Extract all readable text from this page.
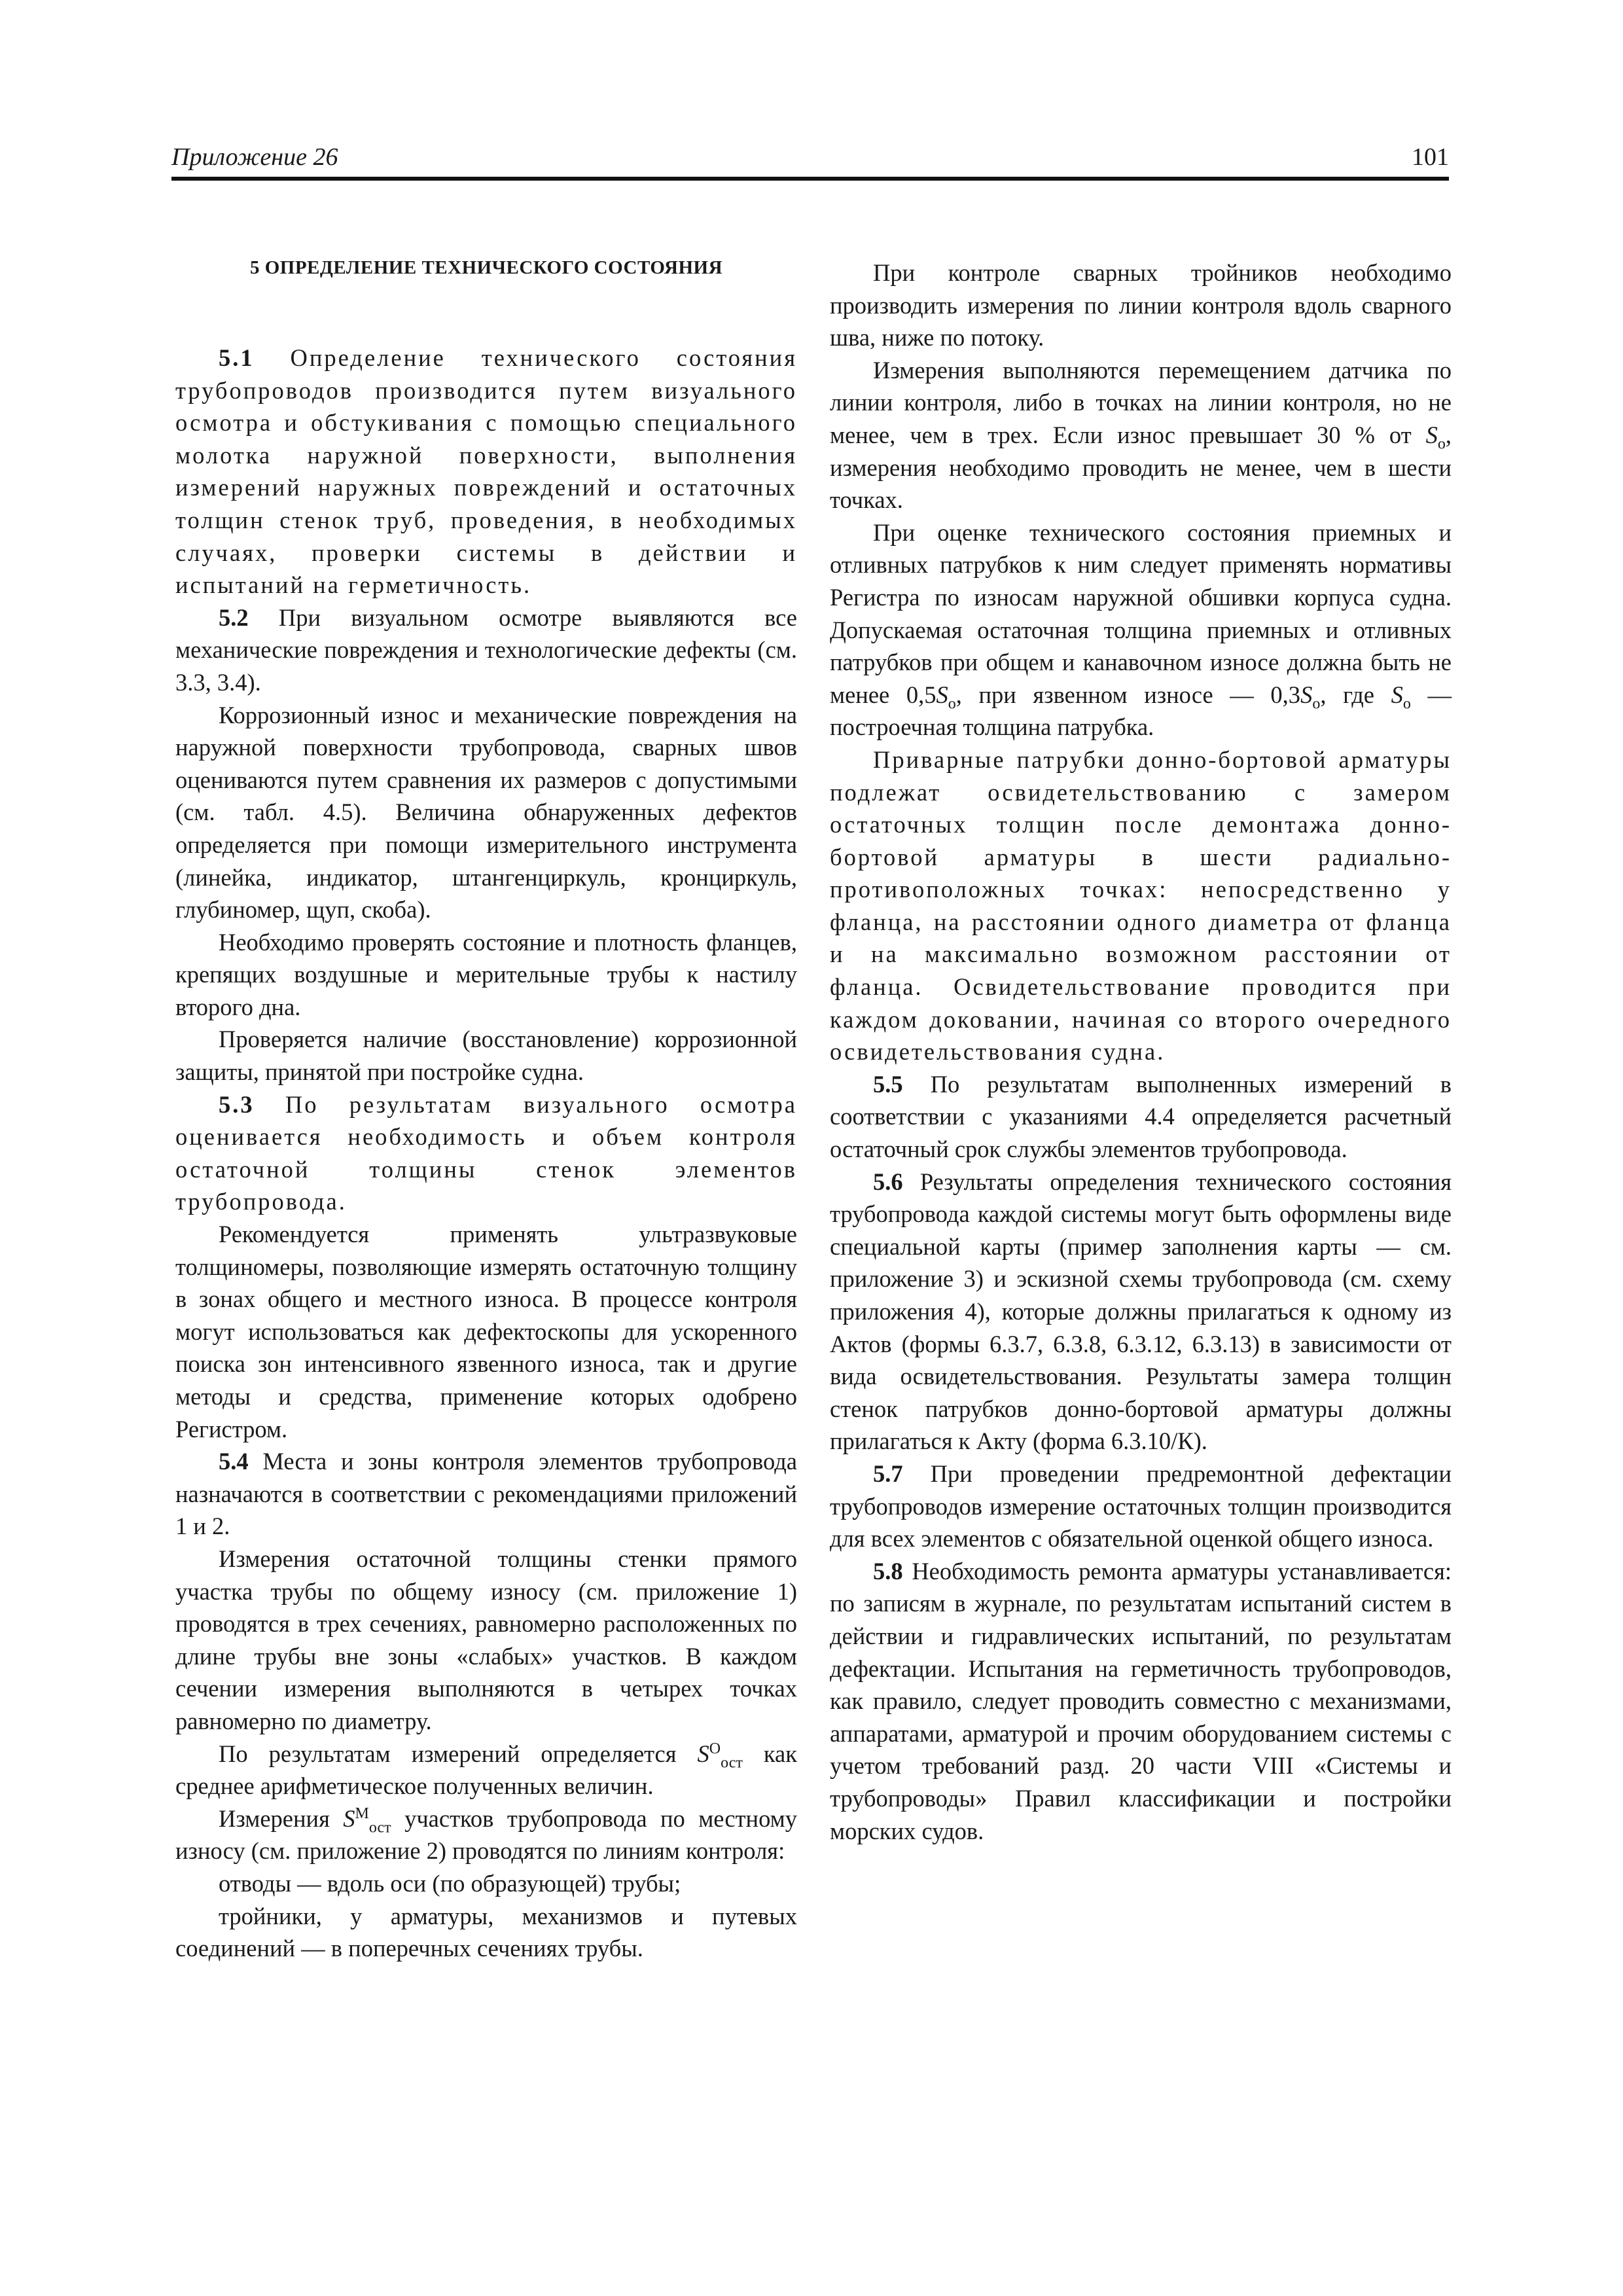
Приложение 26	101
5 ОПРЕДЕЛЕНИЕ ТЕХНИЧЕСКОГО СОСТОЯНИЯ

5.1 Определение технического состояния трубопроводов производится путем визуального осмотра и обстукивания с помощью специального молотка наружной поверхности, выполнения измерений наружных повреждений и остаточных толщин стенок труб, проведения, в необходимых случаях, проверки системы в действии и испытаний на герметичность.

5.2 При визуальном осмотре выявляются все механические повреждения и технологические дефекты (см. 3.3, 3.4).

Коррозионный износ и механические повреждения на наружной поверхности трубопровода, сварных швов оцениваются путем сравнения их размеров с допустимыми (см. табл. 4.5). Величина обнаруженных дефектов определяется при помощи измерительного инструмента (линейка, индикатор, штангенциркуль, кронциркуль, глубиномер, щуп, скоба).

Необходимо проверять состояние и плотность фланцев, крепящих воздушные и мерительные трубы к настилу второго дна.

Проверяется наличие (восстановление) коррозионной защиты, принятой при постройке судна.

5.3 По результатам визуального осмотра оценивается необходимость и объем контроля остаточной толщины стенок элементов трубопровода.

Рекомендуется применять ультразвуковые толщиномеры, позволяющие измерять остаточную толщину в зонах общего и местного износа. В процессе контроля могут использоваться как дефектоскопы для ускоренного поиска зон интенсивного язвенного износа, так и другие методы и средства, применение которых одобрено Регистром.

5.4 Места и зоны контроля элементов трубопровода назначаются в соответствии с рекомендациями приложений 1 и 2.

Измерения остаточной толщины стенки прямого участка трубы по общему износу (см. приложение 1) проводятся в трех сечениях, равномерно расположенных по длине трубы вне зоны «слабых» участков. В каждом сечении измерения выполняются в четырех точках равномерно по диаметру.

По результатам измерений определяется $S^О_{ост}$ как среднее арифметическое полученных величин.

Измерения $S^М_{ост}$ участков трубопровода по местному износу (см. приложение 2) проводятся по линиям контроля:

отводы — вдоль оси (по образующей) трубы;

тройники, у арматуры, механизмов и путевых соединений — в поперечных сечениях трубы.

При контроле сварных тройников необходимо производить измерения по линии контроля вдоль сварного шва, ниже по потоку.

Измерения выполняются перемещением датчика по линии контроля, либо в точках на линии контроля, но не менее, чем в трех. Если износ превышает 30 % от $S_о$, измерения необходимо проводить не менее, чем в шести точках.

При оценке технического состояния приемных и отливных патрубков к ним следует применять нормативы Регистра по износам наружной обшивки корпуса судна. Допускаемая остаточная толщина приемных и отливных патрубков при общем и канавочном износе должна быть не менее $0,5S_о$, при язвенном износе — $0,3S_о$, где $S_о$ — построечная толщина патрубка.

Приварные патрубки донно-бортовой арматуры подлежат освидетельствованию с замером остаточных толщин после демонтажа донно-бортовой арматуры в шести радиально-противоположных точках: непосредственно у фланца, на расстоянии одного диаметра от фланца и на максимально возможном расстоянии от фланца. Освидетельствование проводится при каждом доковании, начиная со второго очередного освидетельствования судна.

5.5 По результатам выполненных измерений в соответствии с указаниями 4.4 определяется расчетный остаточный срок службы элементов трубопровода.

5.6 Результаты определения технического состояния трубопровода каждой системы могут быть оформлены виде специальной карты (пример заполнения карты — см. приложение 3) и эскизной схемы трубопровода (см. схему приложения 4), которые должны прилагаться к одному из Актов (формы 6.3.7, 6.3.8, 6.3.12, 6.3.13) в зависимости от вида освидетельствования. Результаты замера толщин стенок патрубков донно-бортовой арматуры должны прилагаться к Акту (форма 6.3.10/К).

5.7 При проведении предремонтной дефектации трубопроводов измерение остаточных толщин производится для всех элементов с обязательной оценкой общего износа.

5.8 Необходимость ремонта арматуры устанавливается: по записям в журнале, по результатам испытаний систем в действии и гидравлических испытаний, по результатам дефектации. Испытания на герметичность трубопроводов, как правило, следует проводить совместно с механизмами, аппаратами, арматурой и прочим оборудованием системы с учетом требований разд. 20 части VIII «Системы и трубопроводы» Правил классификации и постройки морских судов.
